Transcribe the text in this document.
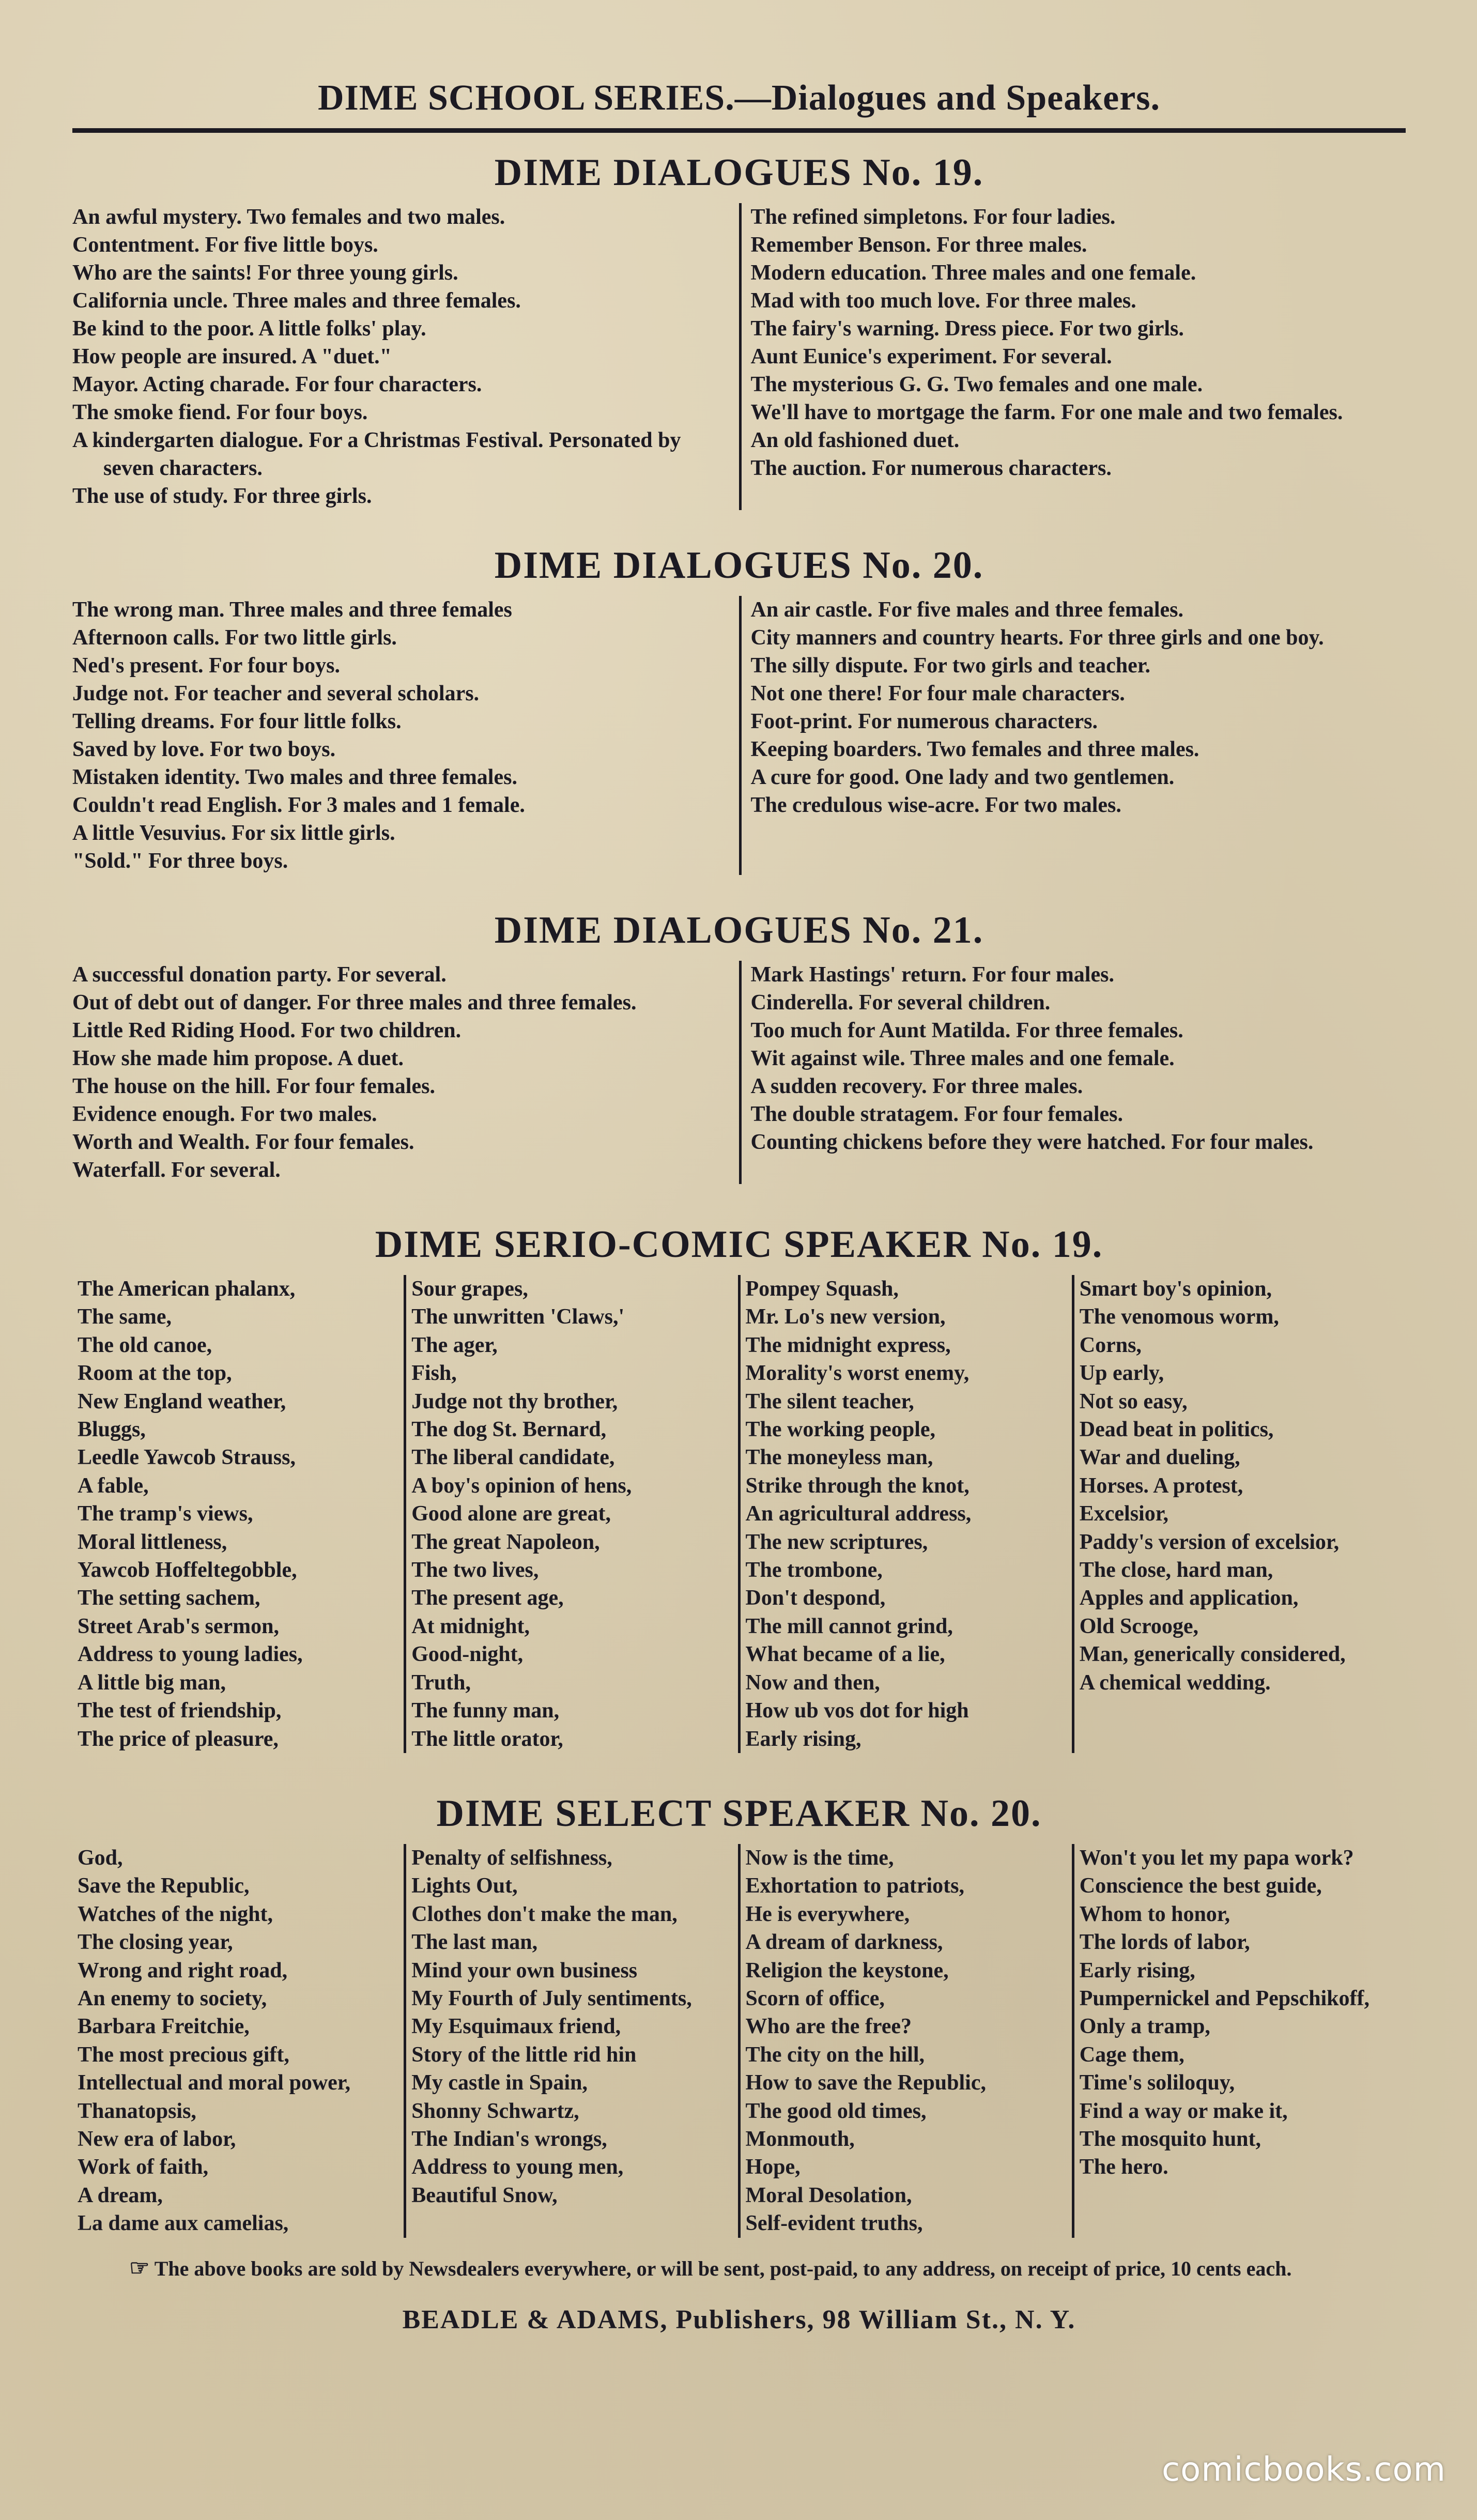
DIME SCHOOL SERIES.—Dialogues and Speakers.
DIME DIALOGUES No. 19.
An awful mystery. Two females and two males.
Contentment. For five little boys.
Who are the saints! For three young girls.
California uncle. Three males and three females.
Be kind to the poor. A little folks' play.
How people are insured. A "duet."
Mayor. Acting charade. For four characters.
The smoke fiend. For four boys.
A kindergarten dialogue. For a Christmas Festival. Personated by seven characters.
The use of study. For three girls.
The refined simpletons. For four ladies.
Remember Benson. For three males.
Modern education. Three males and one female.
Mad with too much love. For three males.
The fairy's warning. Dress piece. For two girls.
Aunt Eunice's experiment. For several.
The mysterious G. G. Two females and one male.
We'll have to mortgage the farm. For one male and two females.
An old fashioned duet.
The auction. For numerous characters.
DIME DIALOGUES No. 20.
The wrong man. Three males and three females
Afternoon calls. For two little girls.
Ned's present. For four boys.
Judge not. For teacher and several scholars.
Telling dreams. For four little folks.
Saved by love. For two boys.
Mistaken identity. Two males and three females.
Couldn't read English. For 3 males and 1 female.
A little Vesuvius. For six little girls.
"Sold." For three boys.
An air castle. For five males and three females.
City manners and country hearts. For three girls and one boy.
The silly dispute. For two girls and teacher.
Not one there! For four male characters.
Foot-print. For numerous characters.
Keeping boarders. Two females and three males.
A cure for good. One lady and two gentlemen.
The credulous wise-acre. For two males.
DIME DIALOGUES No. 21.
A successful donation party. For several.
Out of debt out of danger. For three males and three females.
Little Red Riding Hood. For two children.
How she made him propose. A duet.
The house on the hill. For four females.
Evidence enough. For two males.
Worth and Wealth. For four females.
Waterfall. For several.
Mark Hastings' return. For four males.
Cinderella. For several children.
Too much for Aunt Matilda. For three females.
Wit against wile. Three males and one female.
A sudden recovery. For three males.
The double stratagem. For four females.
Counting chickens before they were hatched. For four males.
DIME SERIO-COMIC SPEAKER No. 19.
The American phalanx,
The same,
The old canoe,
Room at the top,
New England weather,
Bluggs,
Leedle Yawcob Strauss,
A fable,
The tramp's views,
Moral littleness,
Yawcob Hoffeltegobble,
The setting sachem,
Street Arab's sermon,
Address to young ladies,
A little big man,
The test of friendship,
The price of pleasure,
Sour grapes,
The unwritten 'Claws,'
The ager,
Fish,
Judge not thy brother,
The dog St. Bernard,
The liberal candidate,
A boy's opinion of hens,
Good alone are great,
The great Napoleon,
The two lives,
The present age,
At midnight,
Good-night,
Truth,
The funny man,
The little orator,
Pompey Squash,
Mr. Lo's new version,
The midnight express,
Morality's worst enemy,
The silent teacher,
The working people,
The moneyless man,
Strike through the knot,
An agricultural address,
The new scriptures,
The trombone,
Don't despond,
The mill cannot grind,
What became of a lie,
Now and then,
How ub vos dot for high
Early rising,
Smart boy's opinion,
The venomous worm,
Corns,
Up early,
Not so easy,
Dead beat in politics,
War and dueling,
Horses. A protest,
Excelsior,
Paddy's version of excelsior,
The close, hard man,
Apples and application,
Old Scrooge,
Man, generically considered,
A chemical wedding.
DIME SELECT SPEAKER No. 20.
God,
Save the Republic,
Watches of the night,
The closing year,
Wrong and right road,
An enemy to society,
Barbara Freitchie,
The most precious gift,
Intellectual and moral power,
Thanatopsis,
New era of labor,
Work of faith,
A dream,
La dame aux camelias,
Penalty of selfishness,
Lights Out,
Clothes don't make the man,
The last man,
Mind your own business
My Fourth of July sentiments,
My Esquimaux friend,
Story of the little rid hin
My castle in Spain,
Shonny Schwartz,
The Indian's wrongs,
Address to young men,
Beautiful Snow,
Now is the time,
Exhortation to patriots,
He is everywhere,
A dream of darkness,
Religion the keystone,
Scorn of office,
Who are the free?
The city on the hill,
How to save the Republic,
The good old times,
Monmouth,
Hope,
Moral Desolation,
Self-evident truths,
Won't you let my papa work?
Conscience the best guide,
Whom to honor,
The lords of labor,
Early rising,
Pumpernickel and Pepschikoff,
Only a tramp,
Cage them,
Time's soliloquy,
Find a way or make it,
The mosquito hunt,
The hero.

☞ The above books are sold by Newsdealers everywhere, or will be sent, post-paid, to any address, on receipt of price, 10 cents each.

BEADLE & ADAMS, Publishers, 98 William St., N. Y.
comicbooks.com
